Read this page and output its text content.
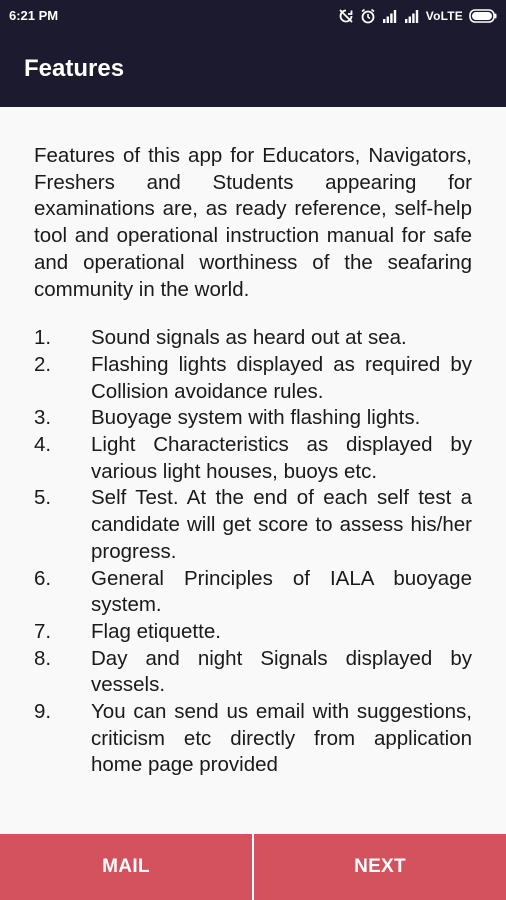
6:21 PM	VoLTE
Features

Features of this app for Educators, Navigators, Freshers and Students appearing for examinations are, as ready reference, self-help tool and operational instruction manual for safe and operational worthiness of the seafaring community in the world.

1.	Sound signals as heard out at sea.
2.	Flashing lights displayed as required by Collision avoidance rules.
3.	Buoyage system with flashing lights.
4.	Light Characteristics as displayed by various light houses, buoys etc.
5.	Self Test. At the end of each self test a candidate will get score to assess his/her progress.
6.	General Principles of IALA buoyage system.
7.	Flag etiquette.
8.	Day and night Signals displayed by vessels.
9.	You can send us email with suggestions, criticism etc directly from application home page provided
MAIL	NEXT
